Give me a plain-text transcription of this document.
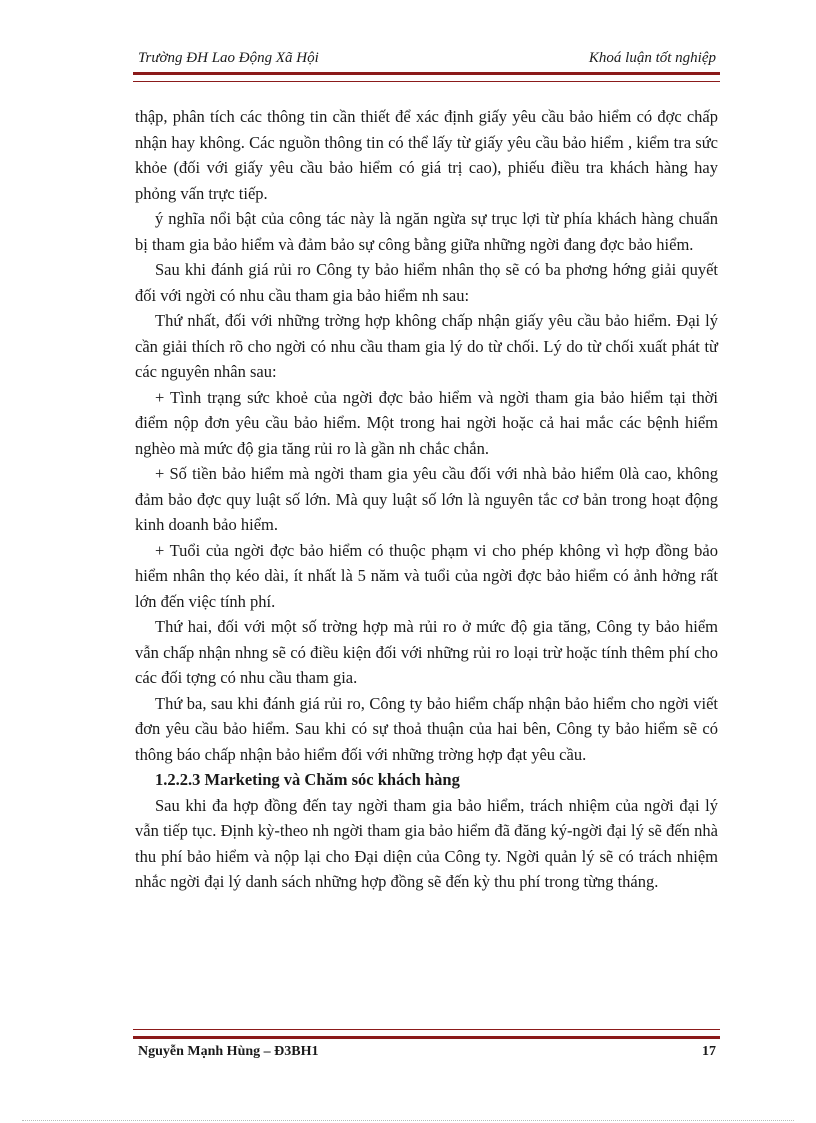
Trường ĐH Lao Động Xã Hội	Khoá luận tốt nghiệp

thập, phân tích các thông tin cần thiết để xác định giấy yêu cầu bảo hiểm có đợc chấp nhận hay không. Các nguồn thông tin có thể lấy từ giấy yêu cầu bảo hiểm , kiểm tra sức khỏe (đối với giấy yêu cầu bảo hiểm có giá trị cao), phiếu điều tra khách hàng hay phỏng vấn trực tiếp.

ý nghĩa nổi bật của công tác này là ngăn ngừa sự trục lợi từ phía khách hàng chuẩn bị tham gia bảo hiểm và đảm bảo sự công bằng giữa những ngời đang đợc bảo hiểm.

Sau khi đánh giá rủi ro Công ty bảo hiểm nhân thọ sẽ có ba phơng hớng giải quyết đối với ngời có nhu cầu tham gia bảo hiểm nh sau:

Thứ nhất, đối với những trờng hợp không chấp nhận giấy yêu cầu bảo hiểm. Đại lý cần giải thích rõ cho ngời có nhu cầu tham gia lý do từ chối. Lý do từ chối xuất phát từ các nguyên nhân sau:

+ Tình trạng sức khoẻ của ngời đợc bảo hiểm và ngời tham gia bảo hiểm tại thời điểm nộp đơn yêu cầu bảo hiểm. Một trong hai ngời hoặc cả hai mắc các bệnh hiểm nghèo mà mức độ gia tăng rủi ro là gần nh chắc chắn.

+ Số tiền bảo hiểm mà ngời tham gia yêu cầu đối với nhà bảo hiểm 0là cao, không đảm bảo đợc quy luật số lớn. Mà quy luật số lớn là nguyên tắc cơ bản trong hoạt động kinh doanh bảo hiểm.

+ Tuổi của ngời đợc bảo hiểm có thuộc phạm vi cho phép không vì hợp đồng bảo hiểm nhân thọ kéo dài, ít nhất là 5 năm và tuổi của ngời đợc bảo hiểm có ảnh hởng rất lớn đến việc tính phí.

Thứ hai, đối với một số trờng hợp mà rủi ro ở mức độ gia tăng, Công ty bảo hiểm vẫn chấp nhận nhng sẽ có điều kiện đối với những rủi ro loại trừ hoặc tính thêm phí cho các đối tợng có nhu cầu tham gia.

Thứ ba, sau khi đánh giá rủi ro, Công ty bảo hiểm chấp nhận bảo hiểm cho ngời viết đơn yêu cầu bảo hiểm. Sau khi có sự thoả thuận của hai bên, Công ty bảo hiểm sẽ có thông báo chấp nhận bảo hiểm đối với những trờng hợp đạt yêu cầu.

1.2.2.3 Marketing và Chăm sóc khách hàng

Sau khi đa hợp đồng đến tay ngời tham gia bảo hiểm, trách nhiệm của ngời đại lý vẫn tiếp tục. Định kỳ-theo nh ngời tham gia bảo hiểm đã đăng ký-ngời đại lý sẽ đến nhà thu phí bảo hiểm và nộp lại cho Đại diện của Công ty. Ngời quản lý sẽ có trách nhiệm nhắc ngời đại lý danh sách những hợp đồng sẽ đến kỳ thu phí trong từng tháng.

Nguyễn Mạnh Hùng – Đ3BH1	17
